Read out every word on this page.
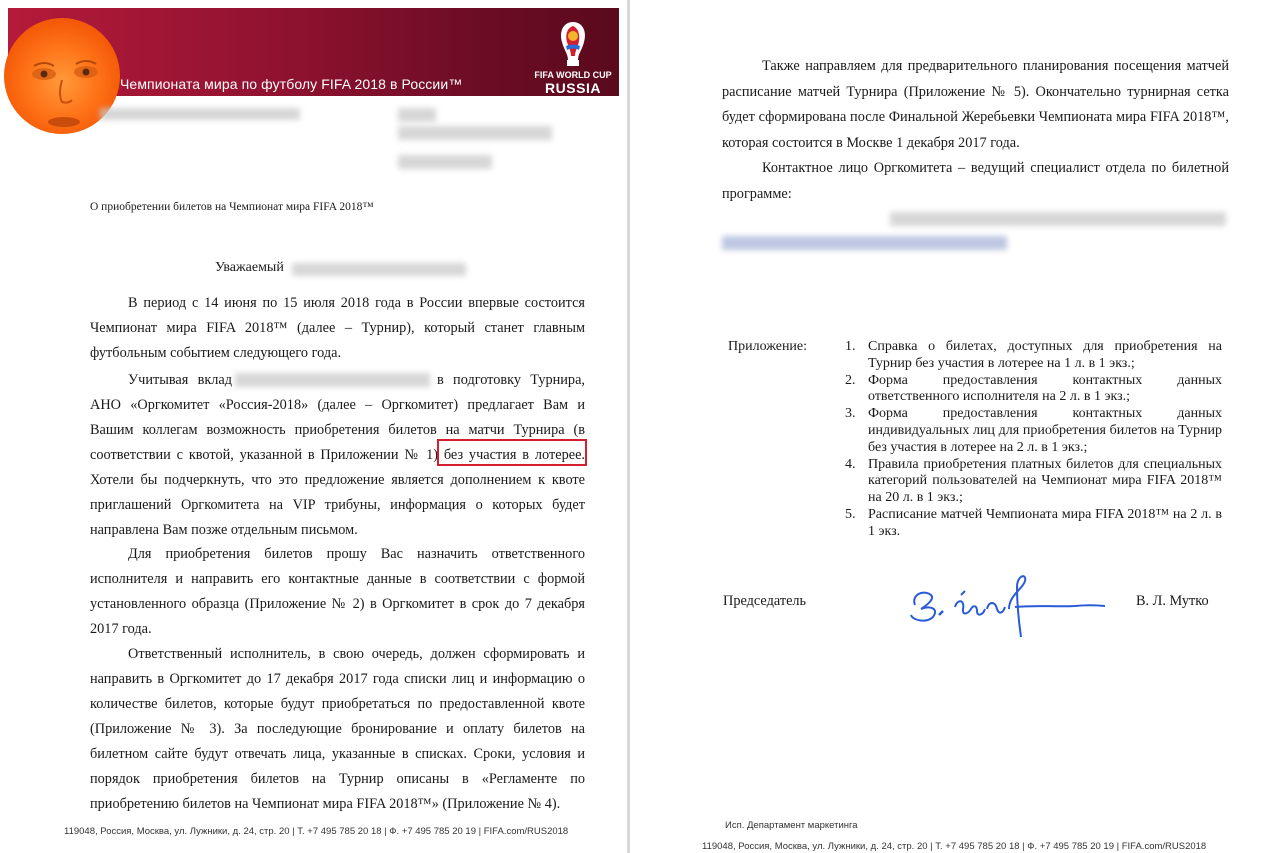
Чемпионата мира по футболу FIFA 2018 в России™
FIFA WORLD CUP
RUSSIA 2018
О приобретении билетов на Чемпионат мира FIFA 2018™
Уважаемый

В период с 14 июня по 15 июля 2018 года в России впервые состоится Чемпионат мира FIFA 2018™ (далее – Турнир), который станет главным футбольным событием следующего года.

Учитывая вклад	в подготовку Турнира, АНО «Оргкомитет «Россия-2018» (далее – Оргкомитет) предлагает Вам и Вашим коллегам возможность приобретения билетов на матчи Турнира (в соответствии с квотой, указанной в Приложении № 1) без участия в лотерее. Хотели бы подчеркнуть, что это предложение является дополнением к квоте приглашений Оргкомитета на VIP трибуны, информация о которых будет направлена Вам позже отдельным письмом.

Для приобретения билетов прошу Вас назначить ответственного исполнителя и направить его контактные данные в соответствии с формой установленного образца (Приложение № 2) в Оргкомитет в срок до 7 декабря 2017 года.

Ответственный исполнитель, в свою очередь, должен сформировать и направить в Оргкомитет до 17 декабря 2017 года списки лиц и информацию о количестве билетов, которые будут приобретаться по предоставленной квоте (Приложение № 3). За последующие бронирование и оплату билетов на билетном сайте будут отвечать лица, указанные в списках. Сроки, условия и порядок приобретения билетов на Турнир описаны в «Регламенте по приобретению билетов на Чемпионат мира FIFA 2018™» (Приложение № 4).

119048, Россия, Москва, ул. Лужники, д. 24, стр. 20 | Т. +7 495 785 20 18 | Ф. +7 495 785 20 19 | FIFA.com/RUS2018

Также направляем для предварительного планирования посещения матчей расписание матчей Турнира (Приложение № 5). Окончательно турнирная сетка будет сформирована после Финальной Жеребьевки Чемпионата мира FIFA 2018™, которая состоится в Москве 1 декабря 2017 года.

Контактное лицо Оргкомитета – ведущий специалист отдела по билетной программе:

Приложение:	1. Справка о билетах, доступных для приобретения на Турнир без участия в лотерее на 1 л. в 1 экз.;
2. Форма предоставления контактных данных ответственного исполнителя на 2 л. в 1 экз.;
3. Форма предоставления контактных данных индивидуальных лиц для приобретения билетов на Турнир без участия в лотерее на 2 л. в 1 экз.;
4. Правила приобретения платных билетов для специальных категорий пользователей на Чемпионат мира FIFA 2018™ на 20 л. в 1 экз.;
5. Расписание матчей Чемпионата мира FIFA 2018™ на 2 л. в 1 экз.
Председатель	В. Л. Мутко
Исп. Департамент маркетинга
119048, Россия, Москва, ул. Лужники, д. 24, стр. 20 | Т. +7 495 785 20 18 | Ф. +7 495 785 20 19 | FIFA.com/RUS2018
